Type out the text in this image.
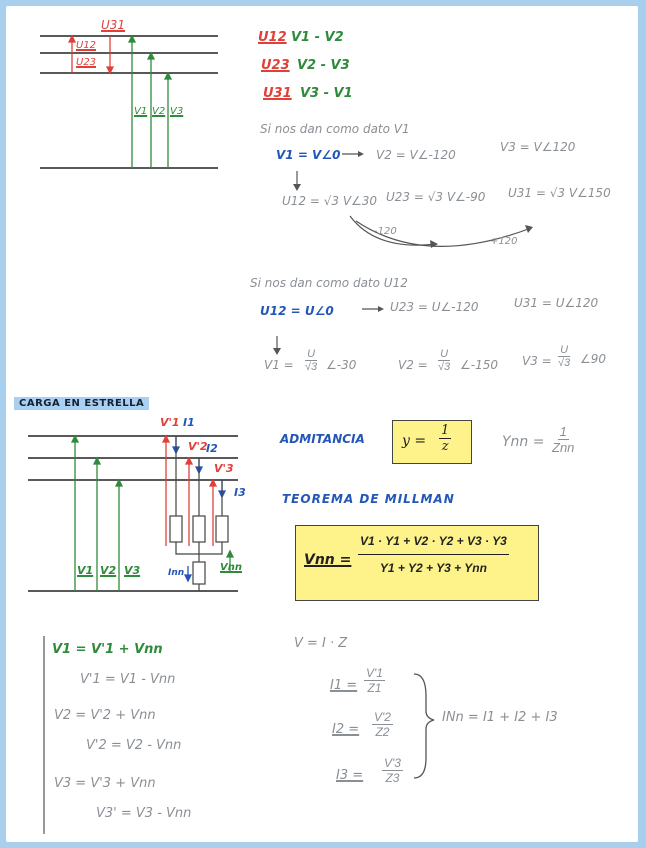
U31
U12
U23
V1 V2 V3
U12 V1 - V2
U23 V2 - V3
U31 V3 - V1
Si nos dan como dato V1
V1 = V∠0	V2 = V∠-120
V3 = V∠120
U12 = √3 V∠30 U23 = √3 V∠-90 U31 = √3 V∠150
-120
+120
Si nos dan como dato U12
U12 = U∠0	U23 = U∠-120	U31 = U∠120
$V1 = \frac{U}{√3}$ ∠-30	$V2 = \frac{U}{√3}$ ∠-150 $V3 = \frac{U}{√3}$ ∠90
CARGA EN ESTRELLA
V'1 I1
V'2
I2
V'3
I3
V1 V2 V3	Inn	Vnn
ADMITANCIA	$y = \frac{1}{z}$	Ynn =
1
Znn
TEOREMA DE MILLMAN
Vnn =
V1 · Y1 + V2 · Y2 + V3 · Y3
Y1 + Y2 + Y3 + Ynn
V1 = V'1 + Vnn
V'1 = V1 - Vnn
V2 = V'2 + Vnn
V'2 = V2 - Vnn
V3 = V'3 + Vnn
V3' = V3 - Vnn
V = I · Z
$I1 = \frac{V'1}{Z1}$
$I2 = \frac{V'2}{Z2}$
$I3 = \frac{V'3}{Z3}$
INn = I1 + I2 + I3
